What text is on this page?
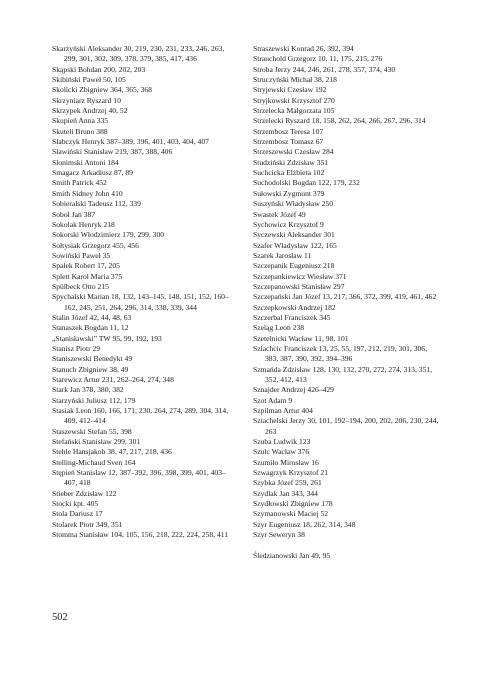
Skarżyński Aleksander 30, 219, 230, 231, 233, 246, 263, 299, 301, 302, 309, 378, 379, 385, 417, 436
Skąpski Bohdan 200, 202, 203
Skibiński Paweł 50, 105
Skolicki Zbigniew 364, 365, 368
Skrzyniarz Ryszard 10
Skrzypek Andrzej 40, 52
Skupień Anna 335
Skuteli Bruno 388
Słabczyk Henryk 387–389, 396, 401, 403, 404, 407
Sławiński Stanisław 219, 387, 388, 406
Słonimski Antoni 184
Smagacz Arkadiusz 87, 89
Smith Patrick 452
Smith Sidney John 410
Sobieralski Tadeusz 112, 339
Soboł Jan 387
Sokolak Henryk 218
Sokorski Włodzimierz 179, 299, 300
Sołtysiak Grzegorz 455, 456
Sowiński Paweł 35
Spałek Robert 17, 205
Splett Karol Maria 375
Spülbeck Otto 215
Spychalski Marian 18, 132, 143–145, 148, 151, 152, 160–162, 245, 251, 264, 296, 314, 338, 339, 344
Stalin Józef 42, 44, 48, 63
Stanaszek Bogdan 11, 12
„Stanisławski” TW 95, 99, 192, 193
Stanisz Piotr 29
Staniszewski Benedykt 49
Stanuch Zbigniew 38, 49
Starewicz Artur 231, 262–264, 274, 348
Stark Jan 378, 380, 382
Starzyński Juliusz 112, 179
Stasiak Leon 160, 166, 171, 230, 264, 274, 289, 304, 314, 409, 412–414
Staszewski Stefan 55, 398
Stefański Stanisław 299, 301
Stehle Hansjakob 38, 47, 217, 218, 436
Stelling-Michaud Sven 164
Stępień Stanisław 12, 387–392, 396, 398, 399, 401, 403–407, 418
Stieber Zdzisław 122
Stocki kpt. 405
Stola Dariusz 17
Stolarek Piotr 349, 351
Stomma Stanisław 104, 105, 156, 218, 222, 224, 258, 411
Straszewski Konrad 26, 392, 394
Strauchold Grzegorz 10, 11, 175, 215, 276
Stroba Jerzy 244, 246, 261, 278, 357, 374, 430
Struczyński Michał 38, 218
Stryjewski Czesław 192
Stryjkowski Krzysztof 270
Strzelecka Małgorzata 105
Strzelecki Ryszard 18, 158, 262, 264, 266, 267, 296, 314
Strzembosz Teresa 107
Strzembosz Tomasz 67
Strzeszewski Czesław 284
Studziński Zdzisław 351
Suchcicka Elżbieta 102
Suchodolski Bogdan 122, 179, 232
Sułowski Zygmunt 379
Suszyński Władysław 250
Swastek Józef 49
Sychowicz Krzysztof 9
Syczewski Aleksander 301
Szafer Władysław 122, 165
Szarek Jarosław 11
Szczepanik Eugeniusz 218
Szczepankiewicz Wiesław 371
Szczepanowski Stanisław 297
Szczepański Jan Józef 13, 217, 366, 372, 399, 419, 461, 462
Szczepkowski Andrzej 182
Szczerbal Franciszek 345
Szeląg Leon 238
Szetelnicki Wacław 11, 98, 101
Szlachcic Franciszek 13, 25, 55, 197, 212, 219, 301, 306, 383, 387, 390, 392, 394–396
Szmańda Zdzisław 128, 130, 132, 270, 272, 274, 313, 351, 352, 412, 413
Sznajder Andrzej 426–429
Szot Adam 9
Szpilman Artur 404
Sztachelski Jerzy 30, 101, 192–194, 200, 202, 206, 230, 244, 263
Szuba Ludwik 123
Szulc Wacław 376
Szumiło Mirosław 16
Szwagrzyk Krzysztof 21
Szybka Józef 259, 261
Szydlak Jan 343, 344
Szydłowski Zbigniew 178
Szymanowski Maciej 52
Szyr Eugeniusz 18, 262, 314, 348
Szyr Seweryn 38
Śledzianowski Jan 49, 95
502
